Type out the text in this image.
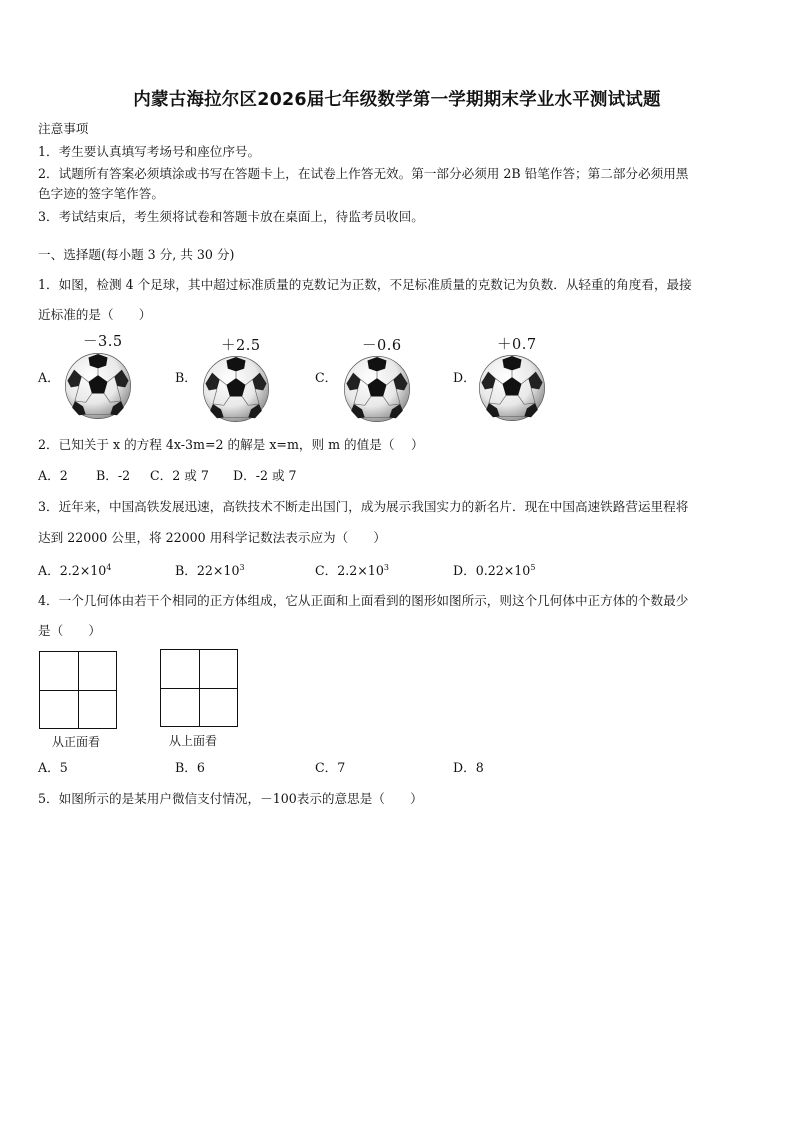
内蒙古海拉尔区2026届七年级数学第一学期期末学业水平测试试题
注意事项
1．考生要认真填写考场号和座位序号。
2．试题所有答案必须填涂或书写在答题卡上，在试卷上作答无效。第一部分必须用 2B 铅笔作答；第二部分必须用黑
色字迹的签字笔作答。
3．考试结束后，考生须将试卷和答题卡放在桌面上，待监考员收回。
一、选择题(每小题 3 分, 共 30 分)
1．如图，检测 4 个足球，其中超过标准质量的克数记为正数，不足标准质量的克数记为负数．从轻重的角度看，最接
近标准的是（　　）
A．
－3.5
B．
＋2.5
C．
－0.6
D．
＋0.7
2．已知关于 x 的方程 4x-3m=2 的解是 x=m，则 m 的值是（　 ）
A．2 B．-2 C．2 或 7 D．-2 或 7
3．近年来，中国高铁发展迅速，高铁技术不断走出国门，成为展示我国实力的新名片．现在中国高速铁路营运里程将
达到 22000 公里，将 22000 用科学记数法表示应为（　　）
A．$2.2\times 10^4$	B．$22\times 10^3$	C．$2.2\times 10^3$	D．$0.22\times 10^5$
4．一个几何体由若干个相同的正方体组成，它从正面和上面看到的图形如图所示，则这个几何体中正方体的个数最少
是（　　）
从正面看	从上面看
A．5	B．6	C．7	D．8
5．如图所示的是某用户微信支付情况，－100表示的意思是（　　）
